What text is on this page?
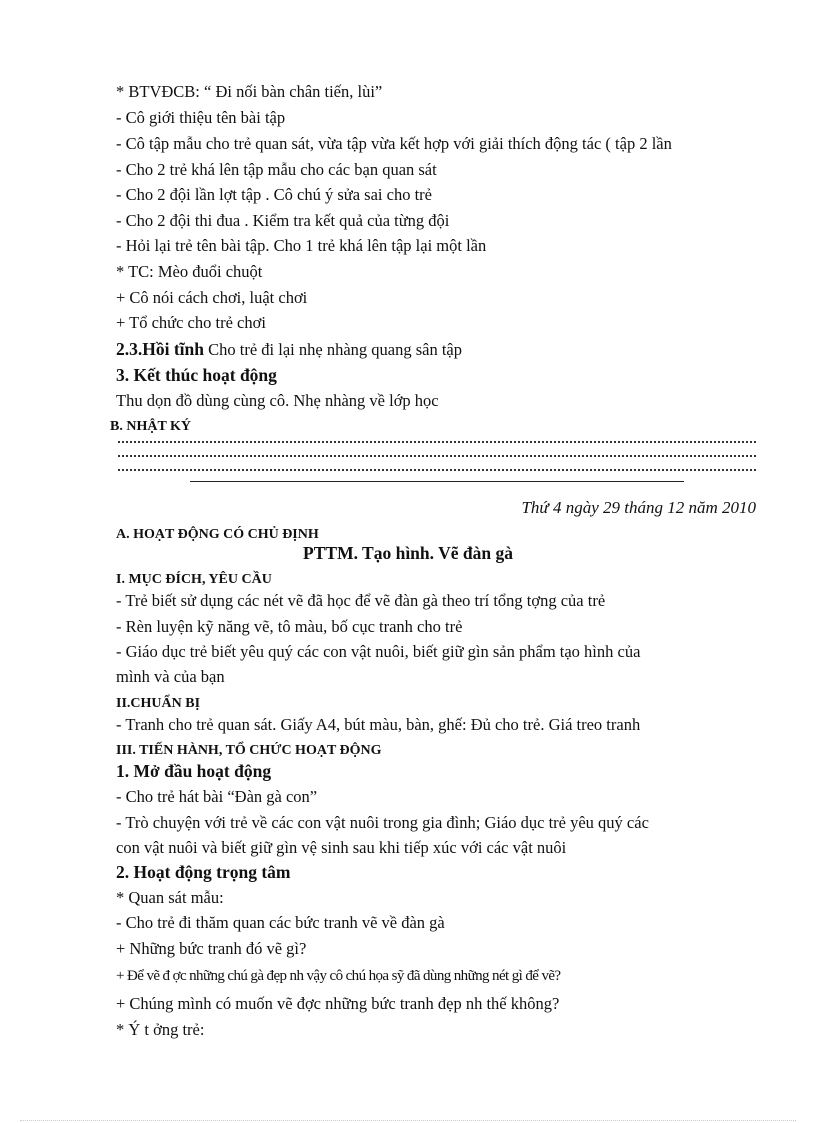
* BTVĐCB: “ Đi nối bàn chân tiến, lùi”
- Cô giới thiệu tên bài tập
- Cô tập mẫu cho trẻ quan sát, vừa tập vừa kết hợp với giải thích động tác ( tập 2 lần
- Cho 2 trẻ khá lên tập mẫu cho các bạn quan sát
- Cho 2 đội lần lợt tập . Cô chú ý sửa sai cho trẻ
- Cho 2 đội thi đua . Kiểm tra kết quả của từng đội
- Hỏi lại trẻ tên bài tập. Cho 1 trẻ khá lên tập lại một lần
* TC: Mèo đuổi chuột
+ Cô nói cách chơi, luật chơi
+ Tổ chức cho trẻ chơi
2.3.Hồi tĩnh Cho trẻ đi lại nhẹ nhàng quang sân tập
3. Kết thúc hoạt động
Thu dọn đồ dùng cùng cô. Nhẹ nhàng về lớp học
B. NHẬT KÝ
Thứ 4 ngày 29 tháng 12 năm 2010
A. HOẠT ĐỘNG CÓ CHỦ ĐỊNH
PTTM. Tạo hình. Vẽ đàn gà
I. MỤC ĐÍCH, YÊU CẦU
- Trẻ biết sử dụng các nét vẽ đã học để vẽ đàn gà theo trí tổng tợng của trẻ
- Rèn luyện kỹ năng vẽ, tô màu, bố cục tranh cho trẻ
- Giáo dục trẻ biết yêu quý các con vật nuôi, biết giữ gìn sản phẩm tạo hình của
mình và của bạn
II.CHUẨN BỊ
- Tranh cho trẻ quan sát. Giấy A4, bút màu, bàn, ghế: Đủ cho trẻ. Giá treo tranh
III. TIẾN HÀNH, TỔ CHỨC HOẠT ĐỘNG
1. Mở đầu hoạt động
- Cho trẻ hát bài “Đàn gà con”
- Trò chuyện với trẻ về các con vật nuôi trong gia đình; Giáo dục trẻ yêu quý các
con vật nuôi và biết giữ gìn vệ sinh sau khi tiếp xúc với các vật nuôi
2. Hoạt động trọng tâm
* Quan sát mẫu:
- Cho trẻ đi thăm quan các bức tranh vẽ về đàn gà
+ Những bức tranh đó vẽ gì?
+ Để vẽ đ ợc những chú gà đẹp nh vậy cô chú họa sỹ đã dùng những nét gì để vẽ?
+ Chúng mình có muốn vẽ đợc những bức tranh đẹp nh thế không?
* Ý t ởng trẻ:
